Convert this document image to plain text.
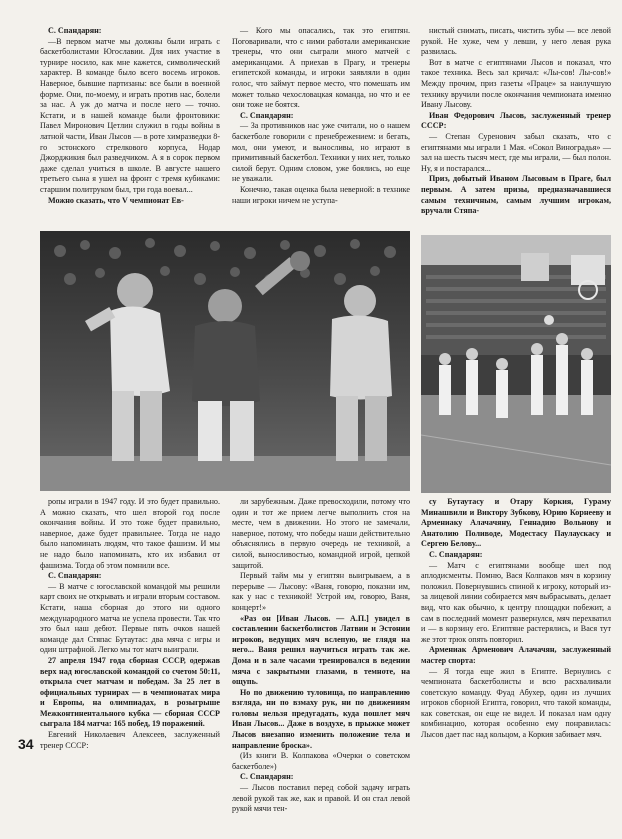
С. Спандарян:

—В первом матче мы должны были играть с баскетболистами Югославии. Для них участие в турнире носило, как мне кажется, символический характер. В команде было всего восемь игроков. Наверное, бывшие партизаны: все были в военной форме. Они, по-моему, и играть против нас, болели за нас. А уж до матча и после него — точно. Кстати, и в нашей команде были фронтовики: Павел Миронович Цетлин служил в годы войны в латной части, Иван Лысов — в роте химразведки 8-го эстонского стрелкового корпуса, Нодар Джорджикия был разведчиком. А я в сорок первом даже сделал учиться в школе. В августе нашего третьего сына я ушел на фронт с тремя кубиками: старшим политруком был, три года воевал...

Можно сказать, что V чемпионат Ев-

— Кого мы опасались, так это египтян. Поговаривали, что с ними работали американские тренеры, что они сыграли много матчей с американцами. А приехав в Прагу, и тренеры египетской команды, и игроки заявляли в один голос, что займут первое место, что помешать им может только чехословацкая команда, но что и ее они тоже не боятся.

С. Спандарян:

— За противников нас уже считали, но о нашем баскетболе говорили с пренебрежением: и бегать, мол, они умеют, и выносливы, но играют в примитивный баскетбол. Техники у них нет, только силой берут. Одним словом, уже боялись, но еще не уважали.

Конечно, такая оценка была неверной: в технике наши игроки ничем не уступа-

нистый снимать, писать, чистить зубы — все левой рукой. Не хуже, чем у левши, у него левая рука развилась.

Вот в матче с египтянами Лысов и показал, что такое техника. Весь зал кричал: «Лы-сов! Лы-сов!» Между прочим, приз газеты «Праце» за наилучшую технику вручили после окончания чемпионата именно Ивану Лысову.

Иван Федорович Лысов, заслуженный тренер СССР:

— Степан Суренович забыл сказать, что с египтянами мы играли 1 Мая. «Сокол Виноградья» — зал на шесть тысяч мест, где мы играли, — был полон. Ну, я и постарался...

Приз, добытый Иваном Лысовым в Праге, был первым. А затем призы, предназначавшиеся самым техничным, самым лучшим игрокам, вручали Стяпа-

ропы играли в 1947 году. И это будет правильно. А можно сказать, что шел второй год после окончания войны. И это тоже будет правильно, наверное, даже будет правильнее. Тогда не надо было напоминать людям, что такое фашизм. И мы не надо было напоминать, кто их избавил от фашизма. Тогда об этом помнили все.

С. Спандарян:

— В матче с югославской командой мы решили карт своих не открывать и играли вторым составом. Кстати, наша сборная до этого ни одного международного матча не успела провести. Так что это был наш дебют. Первые пять очков нашей команде дал Стяпас Бутаутас: два мяча с игры и один штрафной. Легко мы тот матч выиграли.

27 апреля 1947 года сборная СССР, одержав верх над югославской командой со счетом 50:11, открыла счет матчам и победам. За 25 лет в официальных турнирах — в чемпионатах мира и Европы, на олимпиадах, в розыгрыше Межконтинентального кубка — сборная СССР сыграла 184 матча: 165 побед, 19 поражений.

Евгений Николаевич Алексеев, заслуженный тренер СССР:

ли зарубежным. Даже превосходили, потому что один и тот же прием легче выполнить стоя на месте, чем в движении. Но этого не замечали, наверное, потому, что победы наши действительно объяснялись в первую очередь не техникой, а силой, выносливостью, командной игрой, цепкой защитой.

Первый тайм мы у египтян выигрываем, а в перерыве — Лысову: «Ваня, говорю, показни им, как у нас с техникой! Устрой им, говорю, Ваня, концерт!»

«Раз он [Иван Лысов. — А.П.] увидел в составлении баскетболистов Латвии и Эстонии игроков, ведущих мяч вслепую, не глядя на него... Ваня решил научиться играть так же. Дома и в зале часами тренировался в ведении мяча с закрытыми глазами, в темноте, на ощупь.

Но по движению туловища, по направлению взгляда, ни по взмаху рук, ни по движениям головы нельзя предугадать, куда пошлет мяч Иван Лысов... Даже в воздухе, в прыжке может Лысов внезапно изменить положение тела и направление броска».

(Из книги В. Колпакова «Очерки о советском баскетболе»)

С. Спандарян:

— Лысов поставил перед собой задачу играть левой рукой так же, как и правой. И он стал левой рукой мячи тен-

су Бутаутасу и Отару Коркия, Гураму Минашвили и Виктору Зубкову, Юрию Корнееву и Армениаку Алачачяну, Геннадию Вольнову и Анатолию Поливоде, Модестасу Паулаускасу и Сергею Белову...

С. Спандарян:

— Матч с египтянами вообще шел под аплодисменты. Помню, Вася Колпаков мяч в корзину положил. Повернувшись спиной к игроку, который из-за лицевой линии собирается мяч выбрасывать, делает вид, что как обычно, к центру площадки побежит, а сам в последний момент развернулся, мяч перехватил и — в корзину его. Египтяне растерялись, и Вася тут же этот трюк опять повторил.

Армениак Арменович Алачачян, заслуженный мастер спорта:

— Я тогда еще жил в Египте. Вернулись с чемпионата баскетболисты и всю расхваливали советскую команду. Фуад Абухер, один из лучших игроков сборной Египта, говорил, что такой команды, как советская, он еще не видел. И показал нам одну комбинацию, которая особенно ему понравилась: Лысов дает пас над кольцом, а Коркия забивает мяч.

34
